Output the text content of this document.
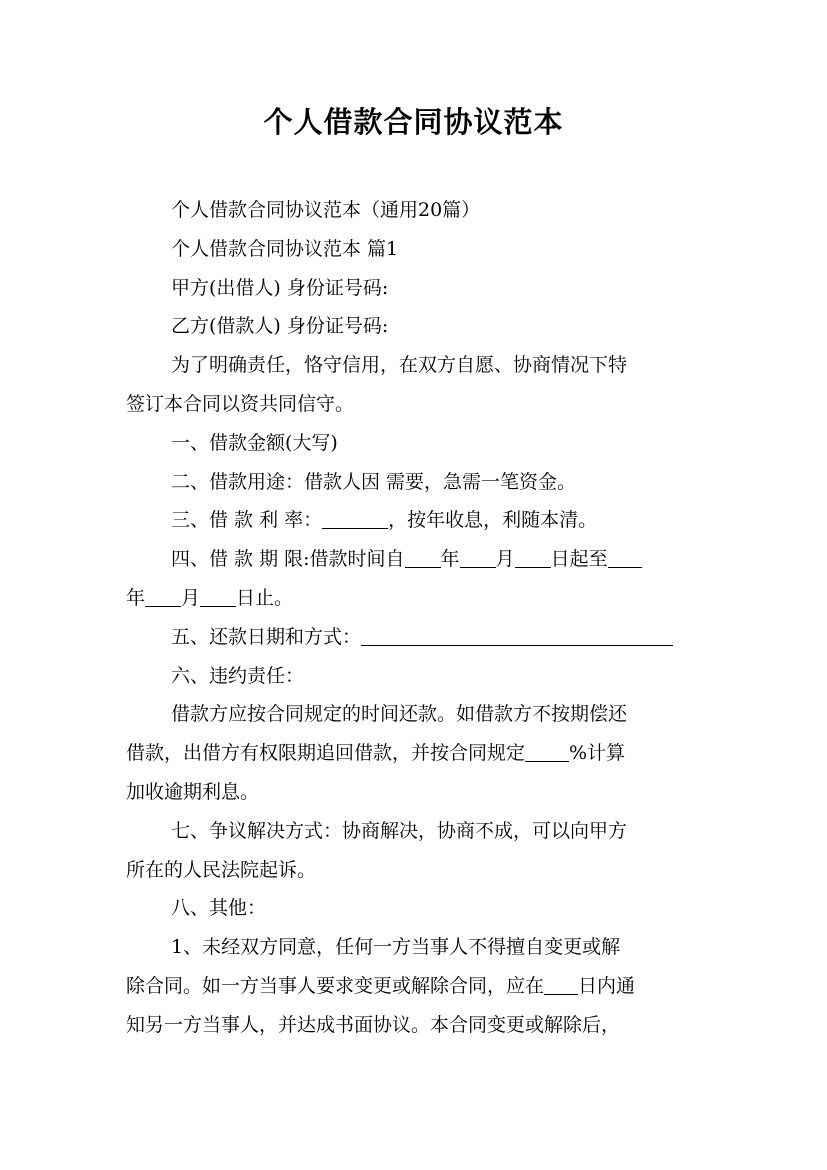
个人借款合同协议范本

个人借款合同协议范本（通用20篇）

个人借款合同协议范本 篇1

甲方(出借人) 身份证号码:

乙方(借款人) 身份证号码:

为了明确责任，恪守信用，在双方自愿、协商情况下特
签订本合同以资共同信守。

一、借款金额(大写)

二、借款用途：借款人因 需要，急需一笔资金。

三、借 款 利 率：	，按年收息，利随本清。

四、借 款 期 限:借款时间自 年 月 日起至
年 月 日止。

五、还款日期和方式：

六、违约责任：

借款方应按合同规定的时间还款。如借款方不按期偿还
借款，出借方有权限期追回借款，并按合同规定 %计算
加收逾期利息。

七、争议解决方式：协商解决，协商不成，可以向甲方
所在的人民法院起诉。

八、其他：

1、未经双方同意，任何一方当事人不得擅自变更或解
除合同。如一方当事人要求变更或解除合同，应在 日内通
知另一方当事人，并达成书面协议。本合同变更或解除后，
